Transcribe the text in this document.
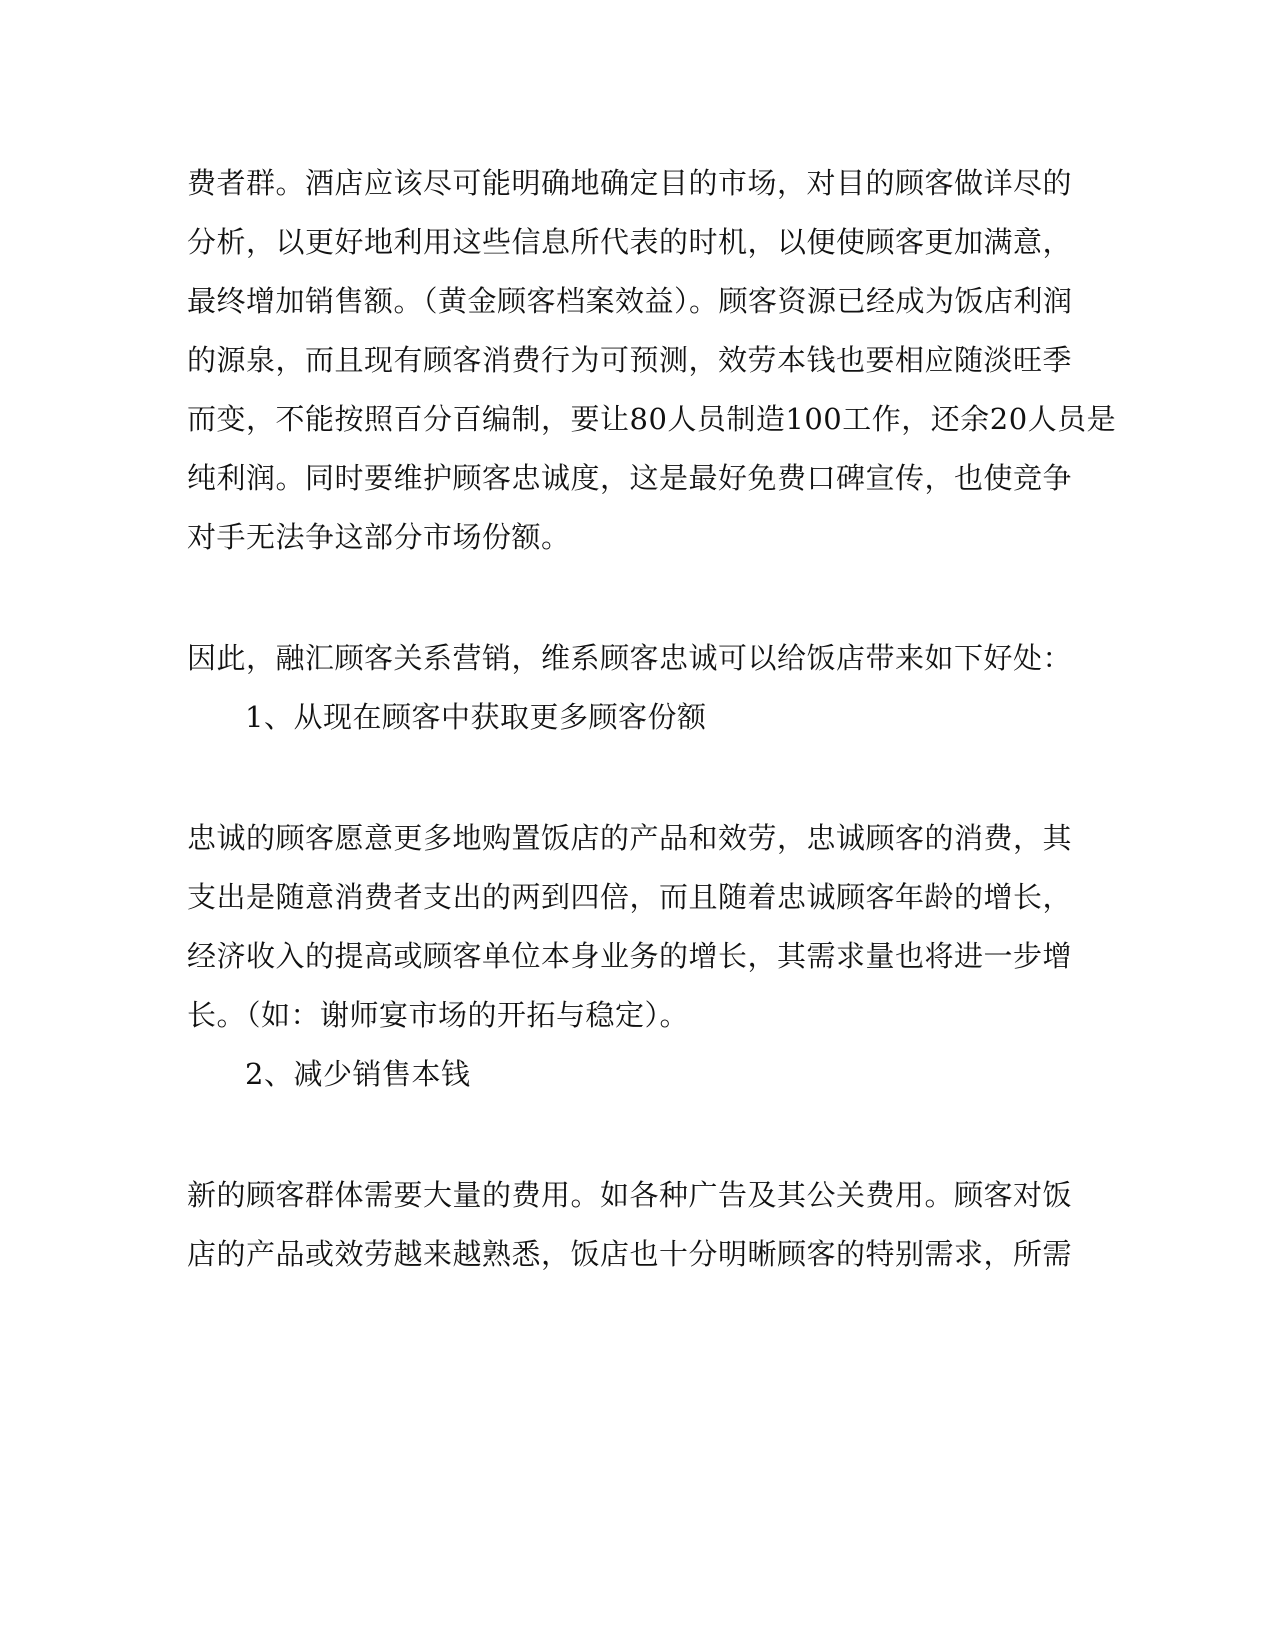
费者群。酒店应该尽可能明确地确定目的市场，对目的顾客做详尽的
分析，以更好地利用这些信息所代表的时机，以便使顾客更加满意，
最终增加销售额。（黄金顾客档案效益）。顾客资源已经成为饭店利润
的源泉，而且现有顾客消费行为可预测，效劳本钱也要相应随淡旺季
而变，不能按照百分百编制，要让80人员制造100工作，还余20人员是
纯利润。同时要维护顾客忠诚度，这是最好免费口碑宣传，也使竞争
对手无法争这部分市场份额。
因此，融汇顾客关系营销，维系顾客忠诚可以给饭店带来如下好处：
1、从现在顾客中获取更多顾客份额
忠诚的顾客愿意更多地购置饭店的产品和效劳，忠诚顾客的消费，其
支出是随意消费者支出的两到四倍，而且随着忠诚顾客年龄的增长，
经济收入的提高或顾客单位本身业务的增长，其需求量也将进一步增
长。（如：谢师宴市场的开拓与稳定）。
2、减少销售本钱
新的顾客群体需要大量的费用。如各种广告及其公关费用。顾客对饭
店的产品或效劳越来越熟悉，饭店也十分明晰顾客的特别需求，所需
